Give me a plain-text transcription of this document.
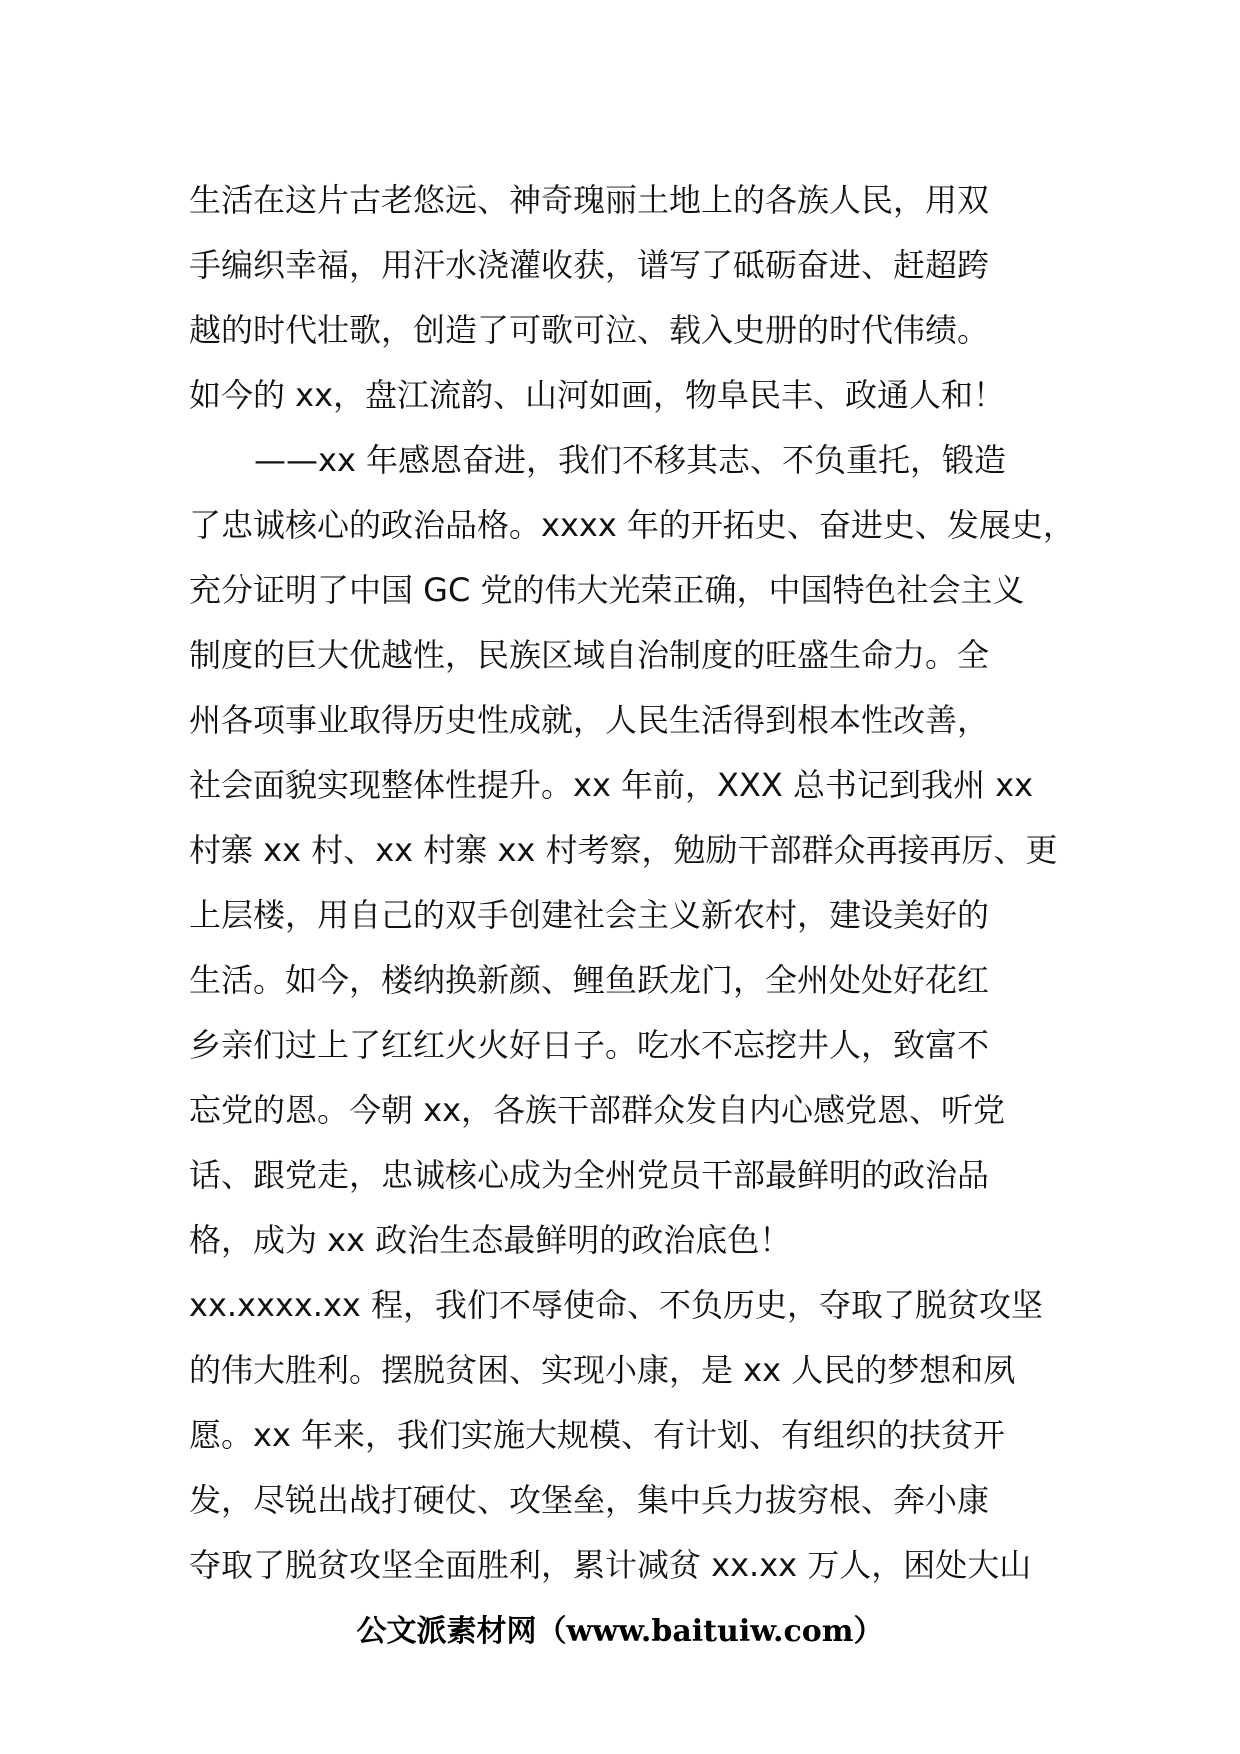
生活在这片古老悠远、神奇瑰丽土地上的各族人民，用双
手编织幸福，用汗水浇灌收获，谱写了砥砺奋进、赶超跨
越的时代壮歌，创造了可歌可泣、载入史册的时代伟绩。
如今的 xx，盘江流韵、山河如画，物阜民丰、政通人和！
——xx 年感恩奋进，我们不移其志、不负重托，锻造
了忠诚核心的政治品格。xxxx 年的开拓史、奋进史、发展史，
充分证明了中国 GC 党的伟大光荣正确，中国特色社会主义
制度的巨大优越性，民族区域自治制度的旺盛生命力。全
州各项事业取得历史性成就，人民生活得到根本性改善，
社会面貌实现整体性提升。xx 年前，XXX 总书记到我州 xx
村寨 xx 村、xx 村寨 xx 村考察，勉励干部群众再接再厉、更
上层楼，用自己的双手创建社会主义新农村，建设美好的
生活。如今，楼纳换新颜、鲤鱼跃龙门，全州处处好花红
乡亲们过上了红红火火好日子。吃水不忘挖井人，致富不
忘党的恩。今朝 xx，各族干部群众发自内心感党恩、听党
话、跟党走，忠诚核心成为全州党员干部最鲜明的政治品
格，成为 xx 政治生态最鲜明的政治底色！
xx.xxxx.xx 程，我们不辱使命、不负历史，夺取了脱贫攻坚
的伟大胜利。摆脱贫困、实现小康，是 xx 人民的梦想和夙
愿。xx 年来，我们实施大规模、有计划、有组织的扶贫开
发，尽锐出战打硬仗、攻堡垒，集中兵力拔穷根、奔小康
夺取了脱贫攻坚全面胜利，累计减贫 xx.xx 万人，困处大山
公文派素材网（www.baituiw.com）
